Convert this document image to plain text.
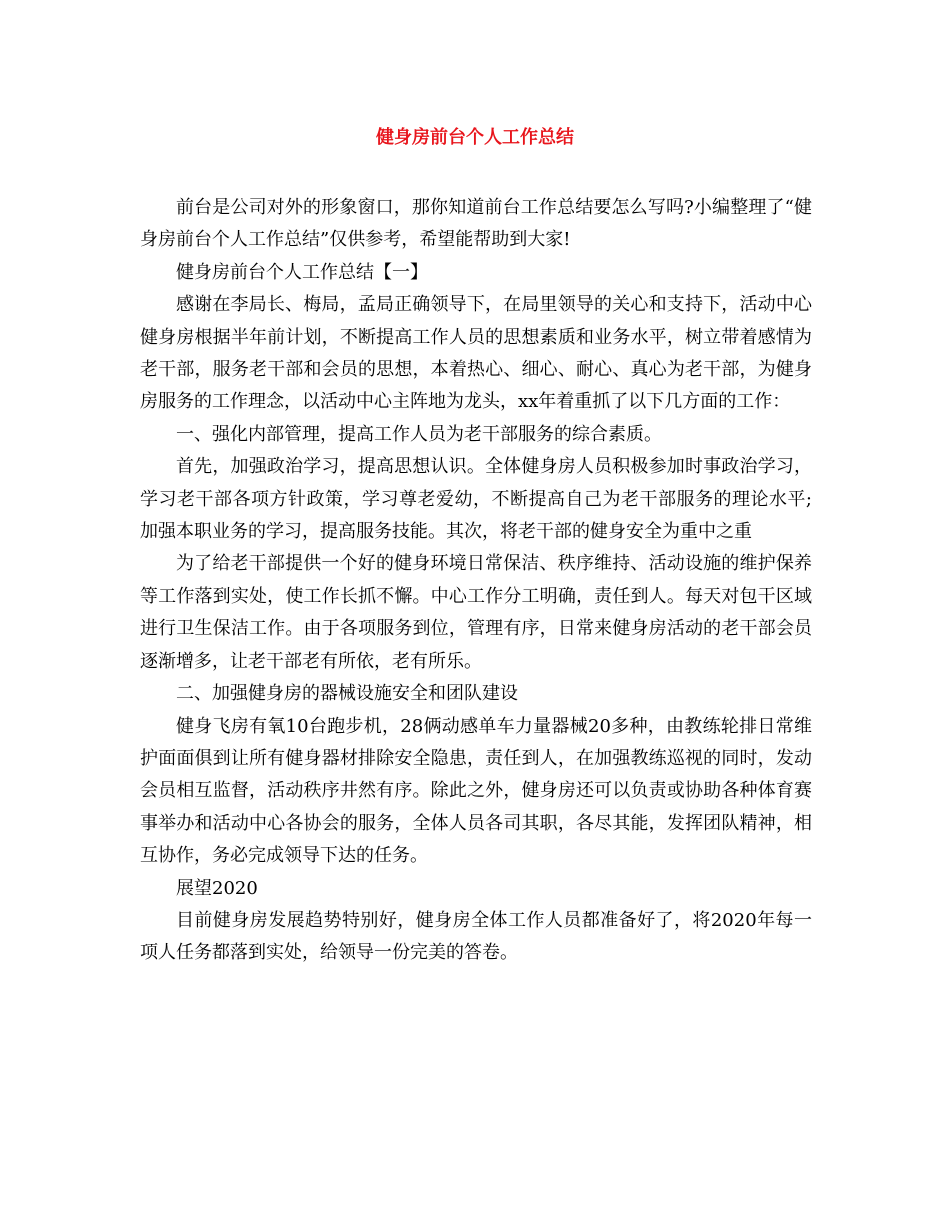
健身房前台个人工作总结

前台是公司对外的形象窗口，那你知道前台工作总结要怎么写吗?小编整理了“健身房前台个人工作总结”仅供参考，希望能帮助到大家!

健身房前台个人工作总结【一】

感谢在李局长、梅局，孟局正确领导下，在局里领导的关心和支持下，活动中心健身房根据半年前计划，不断提高工作人员的思想素质和业务水平，树立带着感情为老干部，服务老干部和会员的思想，本着热心、细心、耐心、真心为老干部，为健身房服务的工作理念，以活动中心主阵地为龙头，xx年着重抓了以下几方面的工作：

一、强化内部管理，提高工作人员为老干部服务的综合素质。

首先，加强政治学习，提高思想认识。全体健身房人员积极参加时事政治学习，学习老干部各项方针政策，学习尊老爱幼，不断提高自己为老干部服务的理论水平;加强本职业务的学习，提高服务技能。其次，将老干部的健身安全为重中之重

为了给老干部提供一个好的健身环境日常保洁、秩序维持、活动设施的维护保养等工作落到实处，使工作长抓不懈。中心工作分工明确，责任到人。每天对包干区域进行卫生保洁工作。由于各项服务到位，管理有序，日常来健身房活动的老干部会员逐渐增多，让老干部老有所依，老有所乐。

二、加强健身房的器械设施安全和团队建设

健身飞房有氧10台跑步机，28俩动感单车力量器械20多种，由教练轮排日常维护面面俱到让所有健身器材排除安全隐患，责任到人，在加强教练巡视的同时，发动会员相互监督，活动秩序井然有序。除此之外，健身房还可以负责或协助各种体育赛事举办和活动中心各协会的服务，全体人员各司其职，各尽其能，发挥团队精神，相互协作，务必完成领导下达的任务。

展望2020

目前健身房发展趋势特别好，健身房全体工作人员都准备好了，将2020年每一项人任务都落到实处，给领导一份完美的答卷。
